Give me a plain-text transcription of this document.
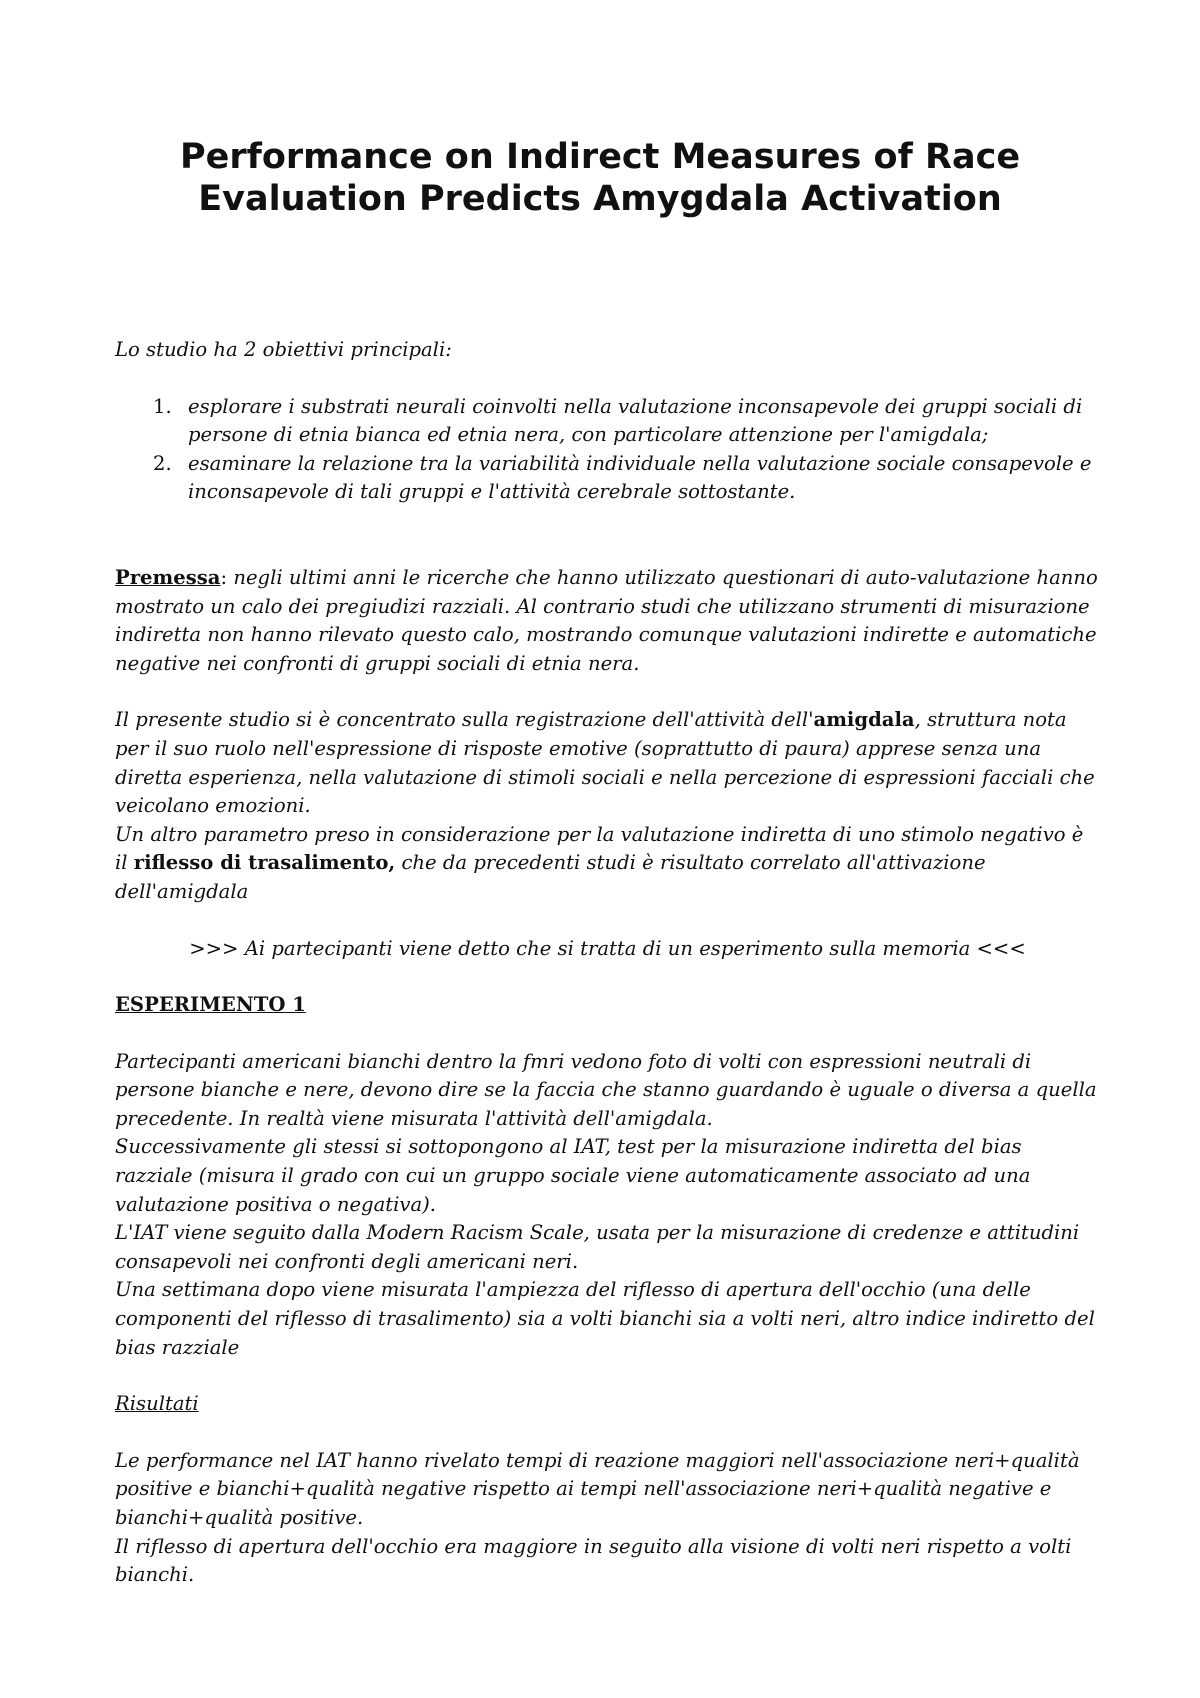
Performance on Indirect Measures of Race
Evaluation Predicts Amygdala Activation

Lo studio ha 2 obiettivi principali:

1. esplorare i substrati neurali coinvolti nella valutazione inconsapevole dei gruppi sociali di persone di etnia bianca ed etnia nera, con particolare attenzione per l'amigdala;
2. esaminare la relazione tra la variabilità individuale nella valutazione sociale consapevole e inconsapevole di tali gruppi e l'attività cerebrale sottostante.

Premessa: negli ultimi anni le ricerche che hanno utilizzato questionari di auto-valutazione hanno mostrato un calo dei pregiudizi razziali. Al contrario studi che utilizzano strumenti di misurazione indiretta non hanno rilevato questo calo, mostrando comunque valutazioni indirette e automatiche negative nei confronti di gruppi sociali di etnia nera.

Il presente studio si è concentrato sulla registrazione dell'attività dell'amigdala, struttura nota per il suo ruolo nell'espressione di risposte emotive (soprattutto di paura) apprese senza una diretta esperienza, nella valutazione di stimoli sociali e nella percezione di espressioni facciali che veicolano emozioni.

Un altro parametro preso in considerazione per la valutazione indiretta di uno stimolo negativo è il riflesso di trasalimento, che da precedenti studi è risultato correlato all'attivazione dell'amigdala

>>> Ai partecipanti viene detto che si tratta di un esperimento sulla memoria <<<

ESPERIMENTO 1

Partecipanti americani bianchi dentro la fmri vedono foto di volti con espressioni neutrali di persone bianche e nere, devono dire se la faccia che stanno guardando è uguale o diversa a quella precedente. In realtà viene misurata l'attività dell'amigdala.

Successivamente gli stessi si sottopongono al IAT, test per la misurazione indiretta del bias razziale (misura il grado con cui un gruppo sociale viene automaticamente associato ad una valutazione positiva o negativa).

L'IAT viene seguito dalla Modern Racism Scale, usata per la misurazione di credenze e attitudini consapevoli nei confronti degli americani neri.

Una settimana dopo viene misurata l'ampiezza del riflesso di apertura dell'occhio (una delle componenti del riflesso di trasalimento) sia a volti bianchi sia a volti neri, altro indice indiretto del bias razziale

Risultati

Le performance nel IAT hanno rivelato tempi di reazione maggiori nell'associazione neri+qualità positive e bianchi+qualità negative rispetto ai tempi nell'associazione neri+qualità negative e bianchi+qualità positive.

Il riflesso di apertura dell'occhio era maggiore in seguito alla visione di volti neri rispetto a volti bianchi.
